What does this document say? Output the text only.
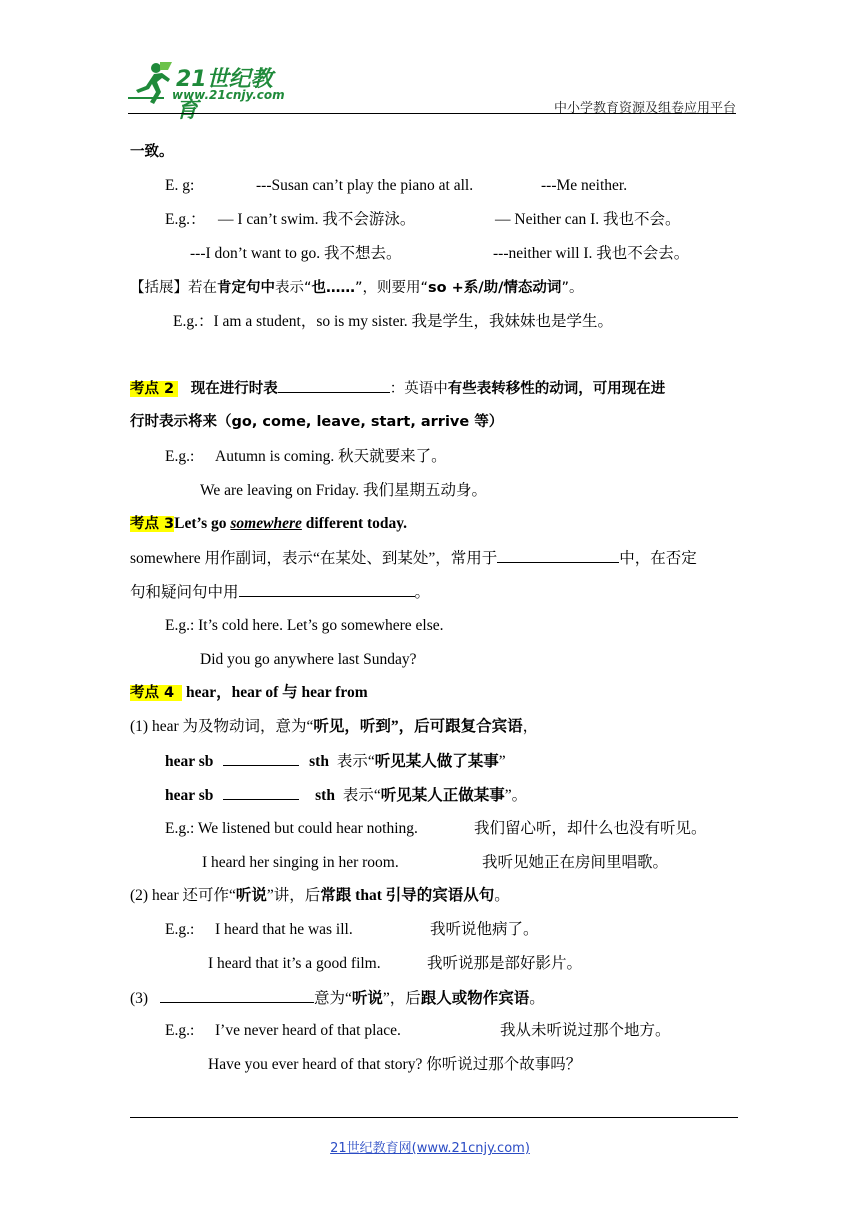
21世纪教育
www.21cnjy.com
中小学教育资源及组卷应用平台
一致。
E. g:	---Susan can’t play the piano at all.	---Me neither.
E.g.： — I can’t swim. 我不会游泳。	— Neither can I. 我也不会。
---I don’t want to go. 我不想去。	---neither will I. 我也不会去。
【括展】若在肯定句中表示“也……”，则要用“so +系/助/情态动词”。
E.g.：I am a student，so is my sister. 我是学生，我妹妹也是学生。
考点 2 现在进行时表	：英语中有些表转移性的动词，可用现在进
行时表示将来（go, come, leave, start, arrive 等）
E.g.: Autumn is coming. 秋天就要来了。
We are leaving on Friday. 我们星期五动身。
考点 3Let’s go somewhere different today.
somewhere 用作副词，表示“在某处、到某处”，常用于	中，在否定
句和疑问句中用	。
E.g.: It’s cold here. Let’s go somewhere else.
Did you go anywhere last Sunday?
考点 4 hear，hear of 与 hear from
(1) hear 为及物动词，意为“听见，听到”，后可跟复合宾语，
hear sb	sth 表示“听见某人做了某事”
hear sb	sth 表示“听见某人正做某事”。
E.g.: We listened but could hear nothing.	我们留心听，却什么也没有听见。
I heard her singing in her room.	我听见她正在房间里唱歌。
(2) hear 还可作“听说”讲，后常跟 that 引导的宾语从句。
E.g.: I heard that he was ill.	我听说他病了。
I heard that it’s a good film.	我听说那是部好影片。
(3)	意为“听说”，后跟人或物作宾语。
E.g.: I’ve never heard of that place.	我从未听说过那个地方。
Have you ever heard of that story? 你听说过那个故事吗？
21世纪教育网(www.21cnjy.com)
